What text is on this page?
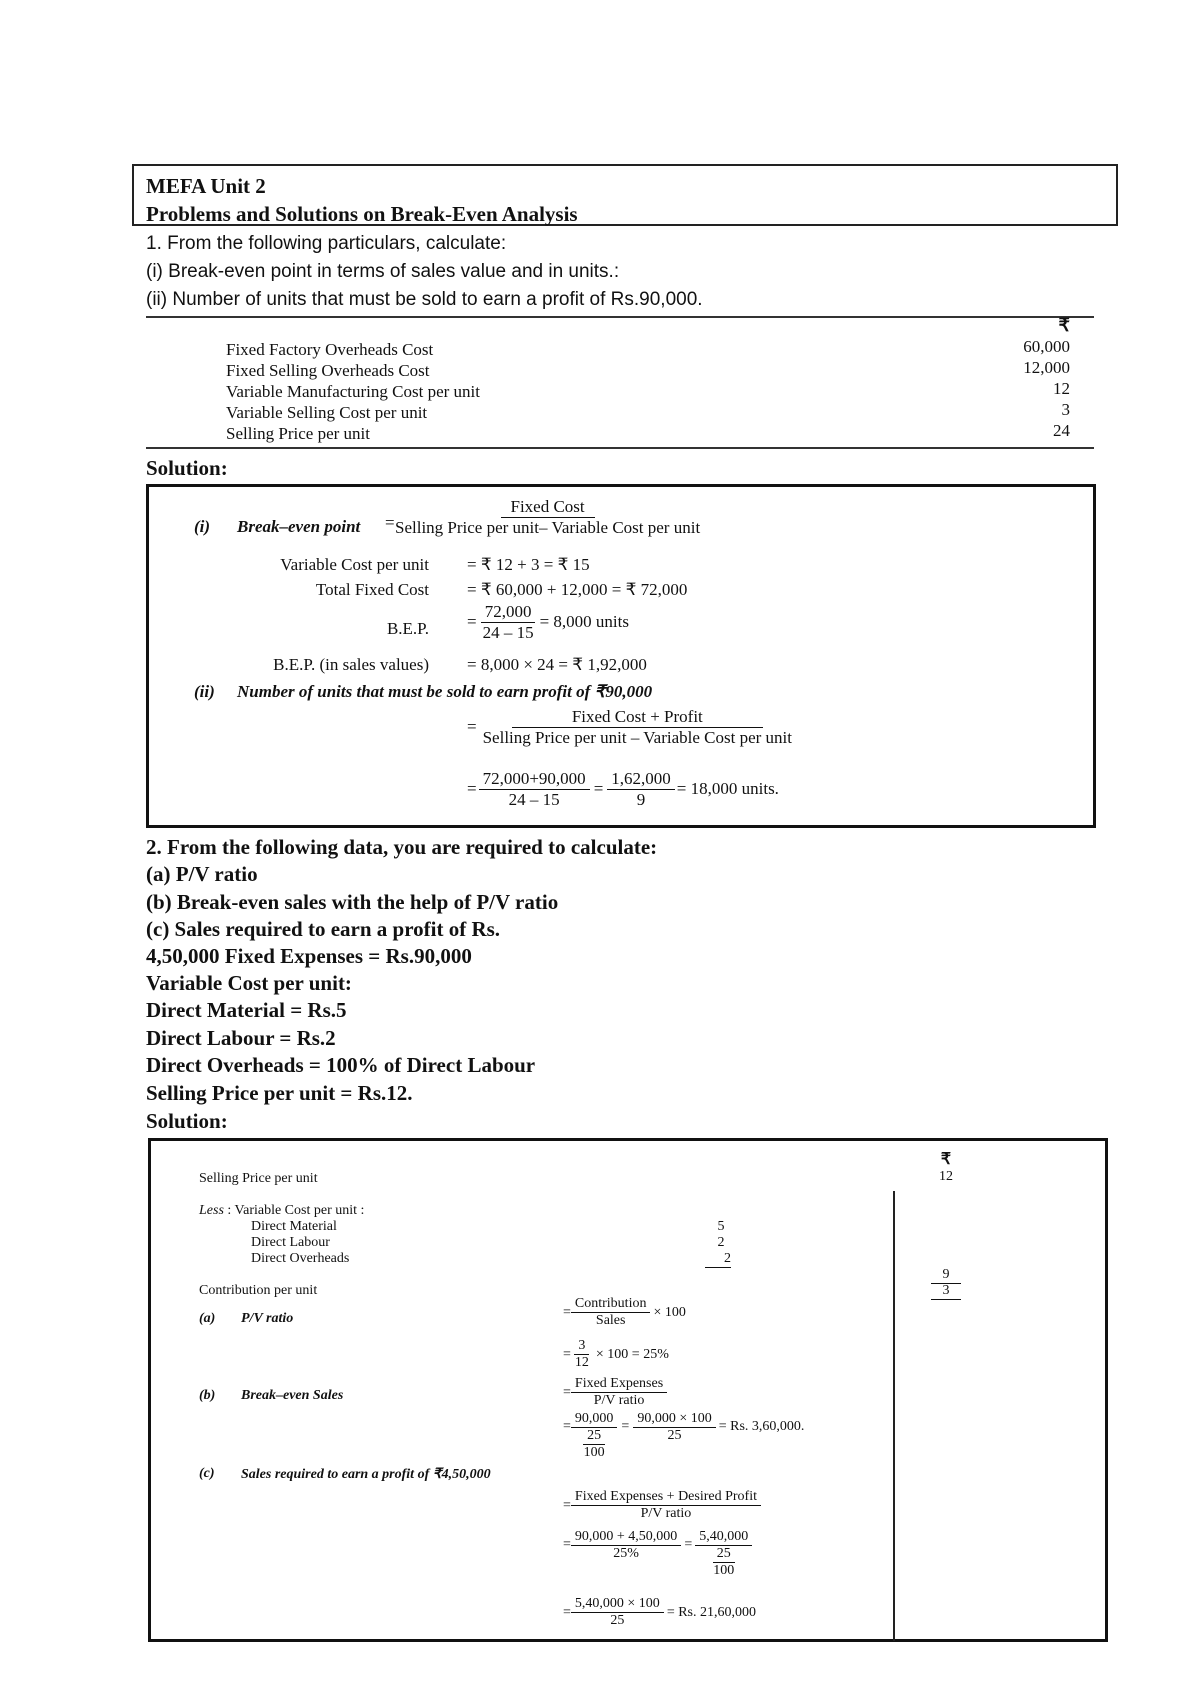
MEFA Unit 2
Problems and Solutions on Break-Even Analysis
1. From the following particulars, calculate:
(i) Break-even point in terms of sales value and in units.:
(ii) Number of units that must be sold to earn a profit of Rs.90,000.
₹
Fixed Factory Overheads Cost	60,000
Fixed Selling Overheads Cost	12,000
Variable Manufacturing Cost per unit	12
Variable Selling Cost per unit	3
Selling Price per unit	24
Solution:
(i) Break–even point =
$\frac{\text{Fixed Cost}}{\text{Selling Price per unit– Variable Cost per unit}}$
Variable Cost per unit = ₹ 12 + 3 = ₹ 15
Total Fixed Cost = ₹ 60,000 + 12,000 = ₹ 72,000
B.E.P. = $\frac{72,000}{24 - 15} = 8,000$ units
B.E.P. (in sales values) = 8,000 × 24 = ₹ 1,92,000
(ii) Number of units that must be sold to earn profit of ₹90,000
= $\frac{\text{Fixed Cost + Profit}}{\text{Selling Price per unit – Variable Cost per unit}}$
= $\frac{72,000+90,000}{24 - 15} = \frac{1,62,000}{9} = 18,000$ units.
2. From the following data, you are required to calculate:
(a) P/V ratio
(b) Break-even sales with the help of P/V ratio
(c) Sales required to earn a profit of Rs.
4,50,000 Fixed Expenses = Rs.90,000
Variable Cost per unit:
Direct Material = Rs.5
Direct Labour = Rs.2
Direct Overheads = 100% of Direct Labour
Selling Price per unit = Rs.12.
Solution:
₹
Selling Price per unit	12
Less : Variable Cost per unit :
Direct Material	5
Direct Labour	2
Direct Overheads	2
9
Contribution per unit	3
(a) P/V ratio	= $\frac{\text{Contribution}}{\text{Sales}} \times 100$
= $\frac{3}{12} \times 100 = 25\%$
(b) Break–even Sales	= $\frac{\text{Fixed Expenses}}{\text{P/V ratio}}$
=
90,000
25
100
= $\frac{90,000 \times 100}{25} = Rs$. 3,60,000.
(c) Sales required to earn a profit of ₹4,50,000
= $\frac{\text{Fixed Expenses + Desired Profit}}{\text{P/V ratio}}$
= $\frac{90,000 + 4,50,000}{25\%}$ =
5,40,000
25
100
= $\frac{5,40,000 \times 100}{25} = Rs$. 21,60,000
